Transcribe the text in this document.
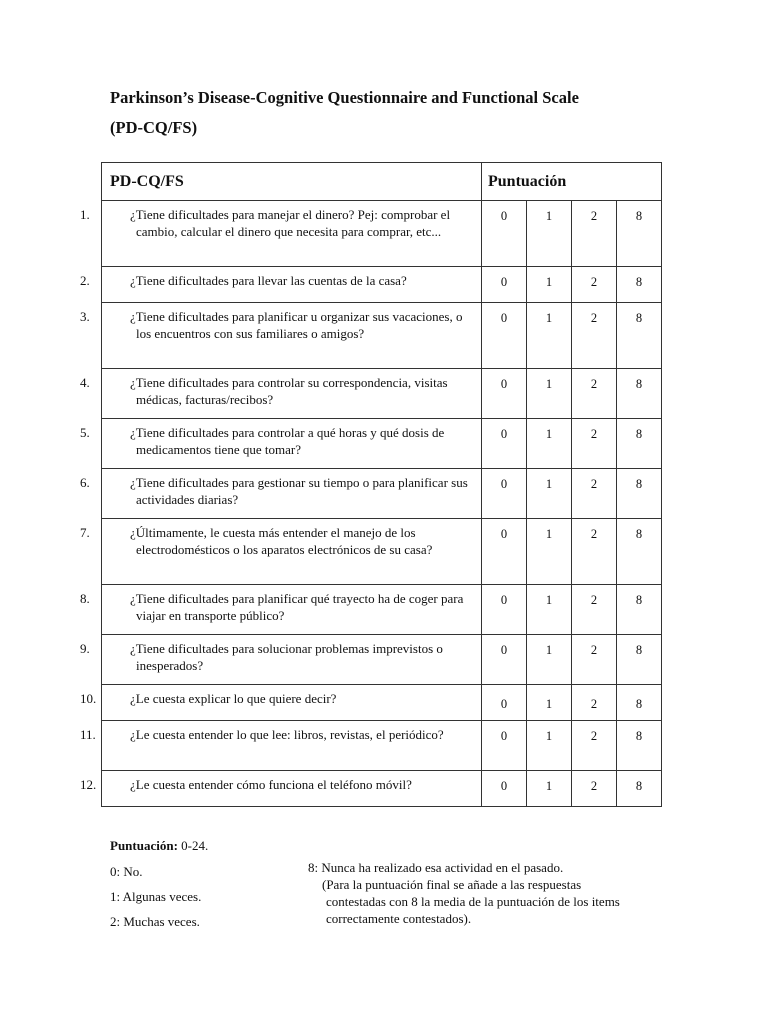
Parkinson’s Disease-Cognitive Questionnaire and Functional Scale
(PD-CQ/FS)
PD-CQ/FS	Puntuación			

1. ¿Tiene dificultades para manejar el dinero? Pej: comprobar el cambio, calcular el dinero que necesita para comprar, etc...	0	1	2	8

2. ¿Tiene dificultades para llevar las cuentas de la casa?	0	1	2	8

3. ¿Tiene dificultades para planificar u organizar sus vacaciones, o los encuentros con sus familiares o amigos?	0	1	2	8

4. ¿Tiene dificultades para controlar su correspondencia, visitas médicas, facturas/recibos?	0	1	2	8

5. ¿Tiene dificultades para controlar a qué horas y qué dosis de medicamentos tiene que tomar?	0	1	2	8

6. ¿Tiene dificultades para gestionar su tiempo o para planificar sus actividades diarias?	0	1	2	8

7. ¿Últimamente, le cuesta más entender el manejo de los electrodomésticos o los aparatos electrónicos de su casa?	0	1	2	8

8. ¿Tiene dificultades para planificar qué trayecto ha de coger para viajar en transporte público?	0	1	2	8

9. ¿Tiene dificultades para solucionar problemas imprevistos o inesperados?	0	1	2	8

10. ¿Le cuesta explicar lo que quiere decir?	0	1	2	8

11. ¿Le cuesta entender lo que lee: libros, revistas, el periódico?	0	1	2	8

12. ¿Le cuesta entender cómo funciona el teléfono móvil?	0	1	2	8
Puntuación: 0-24.
0: No.
1: Algunas veces.
2: Muchas veces.
8: Nunca ha realizado esa actividad en el pasado.
(Para la puntuación final se añade a las respuestas
contestadas con 8 la media de la puntuación de los items
correctamente contestados).
